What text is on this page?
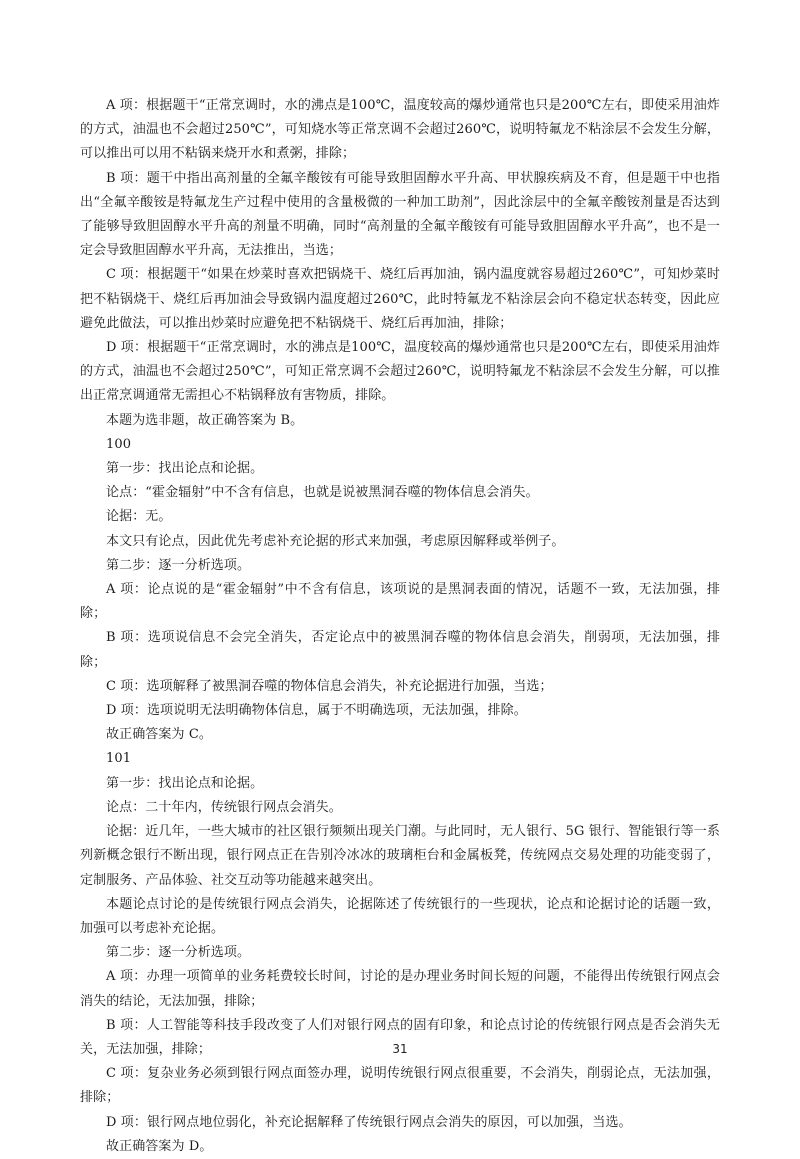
A 项：根据题干“正常烹调时，水的沸点是100℃，温度较高的爆炒通常也只是200℃左右，即使采用油炸的方式，油温也不会超过250℃”，可知烧水等正常烹调不会超过260℃，说明特氟龙不粘涂层不会发生分解，可以推出可以用不粘锅来烧开水和煮粥，排除；

B 项：题干中指出高剂量的全氟辛酸铵有可能导致胆固醇水平升高、甲状腺疾病及不育，但是题干中也指出“全氟辛酸铵是特氟龙生产过程中使用的含量极微的一种加工助剂”，因此涂层中的全氟辛酸铵剂量是否达到了能够导致胆固醇水平升高的剂量不明确，同时“高剂量的全氟辛酸铵有可能导致胆固醇水平升高”，也不是一定会导致胆固醇水平升高，无法推出，当选；

C 项：根据题干“如果在炒菜时喜欢把锅烧干、烧红后再加油，锅内温度就容易超过260℃”，可知炒菜时把不粘锅烧干、烧红后再加油会导致锅内温度超过260℃，此时特氟龙不粘涂层会向不稳定状态转变，因此应避免此做法，可以推出炒菜时应避免把不粘锅烧干、烧红后再加油，排除；

D 项：根据题干“正常烹调时，水的沸点是100℃，温度较高的爆炒通常也只是200℃左右，即使采用油炸的方式，油温也不会超过250℃”，可知正常烹调不会超过260℃，说明特氟龙不粘涂层不会发生分解，可以推出正常烹调通常无需担心不粘锅释放有害物质，排除。

本题为选非题，故正确答案为 B。

100

第一步：找出论点和论据。

论点：“霍金辐射”中不含有信息，也就是说被黑洞吞噬的物体信息会消失。

论据：无。

本文只有论点，因此优先考虑补充论据的形式来加强，考虑原因解释或举例子。

第二步：逐一分析选项。

A 项：论点说的是“霍金辐射”中不含有信息，该项说的是黑洞表面的情况，话题不一致，无法加强，排除；

B 项：选项说信息不会完全消失，否定论点中的被黑洞吞噬的物体信息会消失，削弱项，无法加强，排除；

C 项：选项解释了被黑洞吞噬的物体信息会消失，补充论据进行加强，当选；

D 项：选项说明无法明确物体信息，属于不明确选项，无法加强，排除。

故正确答案为 C。

101

第一步：找出论点和论据。

论点：二十年内，传统银行网点会消失。

论据：近几年，一些大城市的社区银行频频出现关门潮。与此同时，无人银行、5G 银行、智能银行等一系列新概念银行不断出现，银行网点正在告别冷冰冰的玻璃柜台和金属板凳，传统网点交易处理的功能变弱了，定制服务、产品体验、社交互动等功能越来越突出。

本题论点讨论的是传统银行网点会消失，论据陈述了传统银行的一些现状，论点和论据讨论的话题一致，加强可以考虑补充论据。

第二步：逐一分析选项。

A 项：办理一项简单的业务耗费较长时间，讨论的是办理业务时间长短的问题，不能得出传统银行网点会消失的结论，无法加强，排除；

B 项：人工智能等科技手段改变了人们对银行网点的固有印象，和论点讨论的传统银行网点是否会消失无关，无法加强，排除；

C 项：复杂业务必须到银行网点面签办理，说明传统银行网点很重要，不会消失，削弱论点，无法加强，排除；

D 项：银行网点地位弱化，补充论据解释了传统银行网点会消失的原因，可以加强，当选。

故正确答案为 D。

31
